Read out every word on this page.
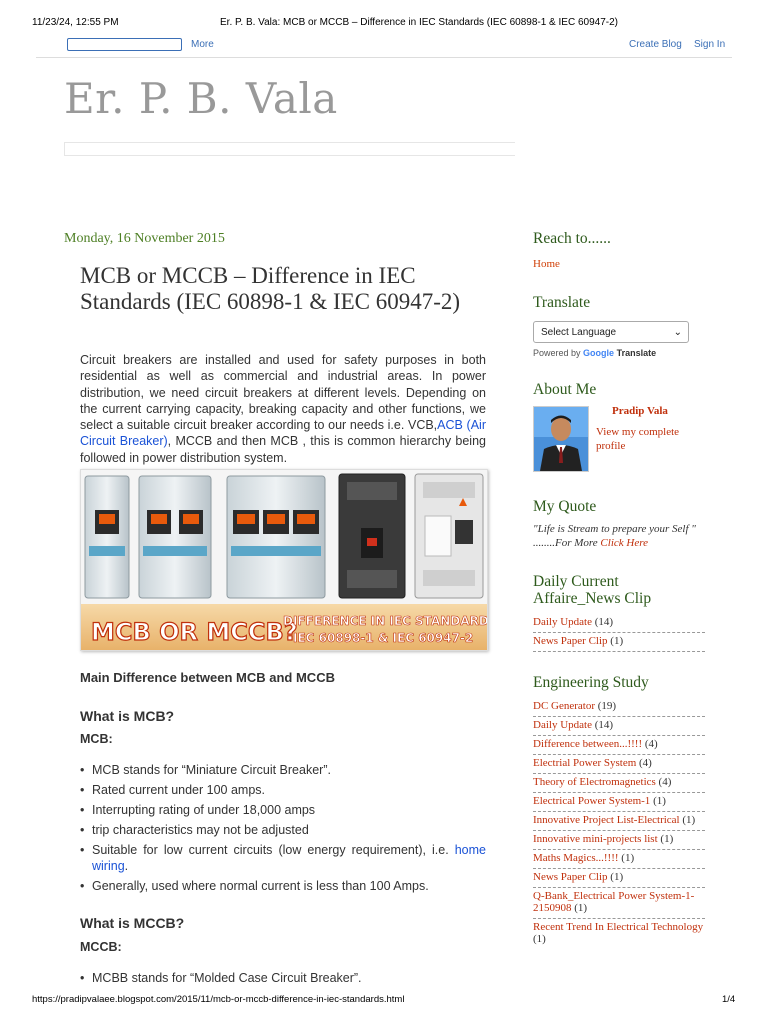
11/23/24, 12:55 PM	Er. P. B. Vala: MCB or MCCB – Difference in IEC Standards (IEC 60898-1 & IEC 60947-2)
More	Create Blog Sign In
Er. P. B. Vala
Monday, 16 November 2015
MCB or MCCB – Difference in IEC Standards (IEC 60898-1 & IEC 60947-2)
Circuit breakers are installed and used for safety purposes in both residential as well as commercial and industrial areas. In power distribution, we need circuit breakers at different levels. Depending on the current carrying capacity, breaking capacity and other functions, we select a suitable circuit breaker according to our needs i.e. VCB,ACB (Air Circuit Breaker), MCCB and then MCB , this is common hierarchy being followed in power distribution system.
MCB OR MCCB?
DIFFERENCE IN IEC STANDARDS
IEC 60898-1 & IEC 60947-2
Main Difference between MCB and MCCB
What is MCB?
MCB:
• MCB stands for “Miniature Circuit Breaker”.
• Rated current under 100 amps.
• Interrupting rating of under 18,000 amps
• trip characteristics may not be adjusted
• Suitable for low current circuits (low energy requirement), i.e. home wiring.
• Generally, used where normal current is less than 100 Amps.
What is MCCB?
MCCB:
• MCBB stands for “Molded Case Circuit Breaker”.
Reach to......
Home
Translate
Select Language	⌄
Powered by Google Translate
About Me
Pradip Vala
View my complete profile
My Quote
"Life is Stream to prepare your Self " ........For More Click Here
Daily Current Affaire_News Clip
Daily Update (14)
News Paper Clip (1)
Engineering Study
DC Generator (19)
Daily Update (14)
Difference between...!!!! (4)
Electrial Power System (4)
Theory of Electromagnetics (4)
Electrical Power System-1 (1)
Innovative Project List-Electrical (1)
Innovative mini-projects list (1)
Maths Magics...!!!! (1)
News Paper Clip (1)
Q-Bank_Electrical Power System-1-2150908 (1)
Recent Trend In Electrical Technology (1)
https://pradipvalaee.blogspot.com/2015/11/mcb-or-mccb-difference-in-iec-standards.html	1/4
